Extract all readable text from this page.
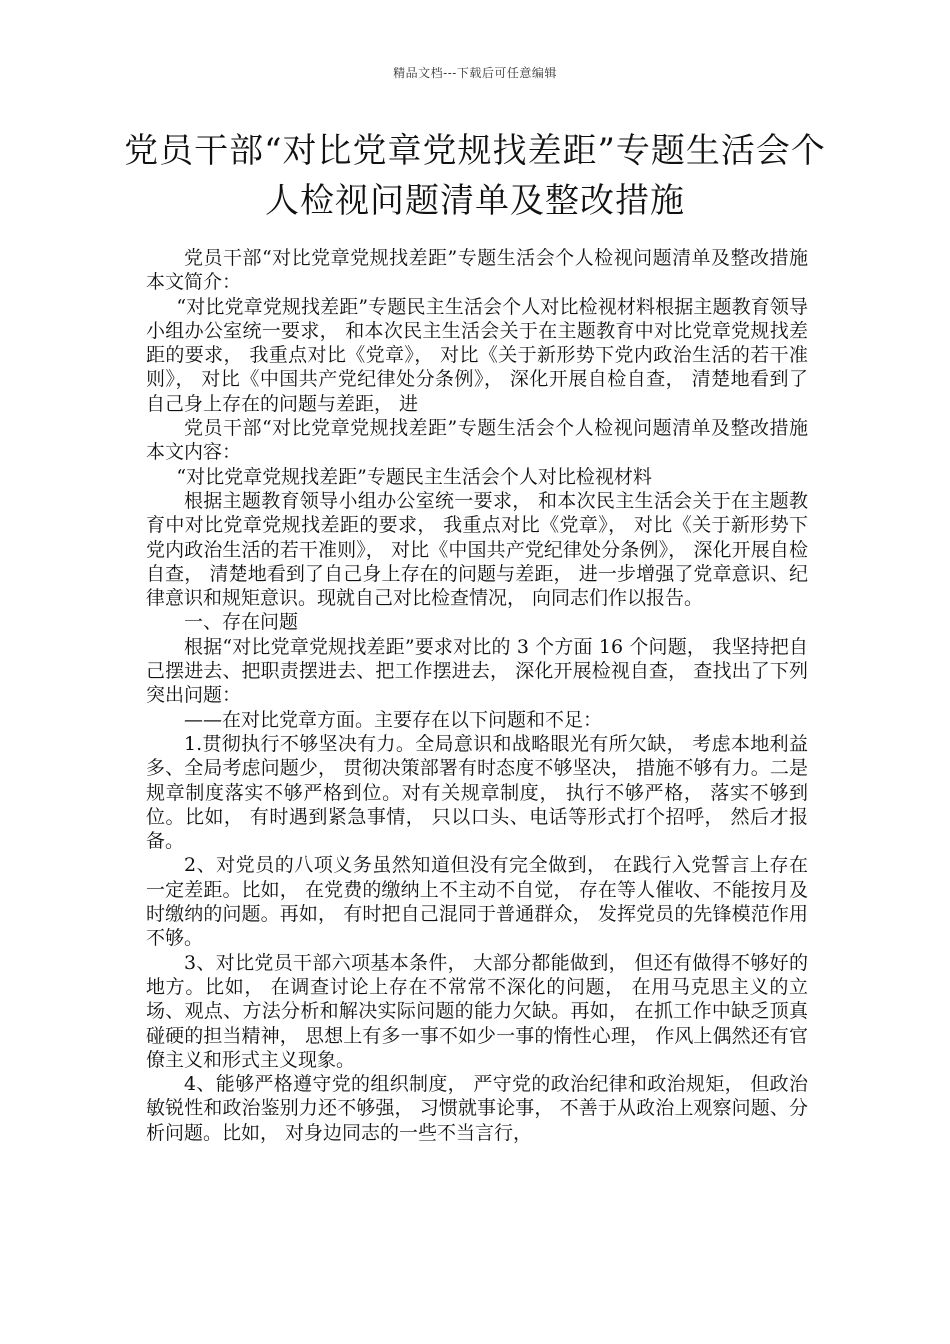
精品文档---下载后可任意编辑
党员干部“对比党章党规找差距”专题生活会个人检视问题清单及整改措施

党员干部“对比党章党规找差距”专题生活会个人检视问题清单及整改措施  本文简介：

“对比党章党规找差距”专题民主生活会个人对比检视材料根据主题教育领导小组办公室统一要求， 和本次民主生活会关于在主题教育中对比党章党规找差距的要求， 我重点对比《党章》， 对比《关于新形势下党内政治生活的若干准则》， 对比《中国共产党纪律处分条例》， 深化开展自检自查， 清楚地看到了自己身上存在的问题与差距， 进

党员干部“对比党章党规找差距”专题生活会个人检视问题清单及整改措施  本文内容：

“对比党章党规找差距”专题民主生活会个人对比检视材料

根据主题教育领导小组办公室统一要求， 和本次民主生活会关于在主题教育中对比党章党规找差距的要求， 我重点对比《党章》， 对比《关于新形势下党内政治生活的若干准则》， 对比《中国共产党纪律处分条例》， 深化开展自检自查， 清楚地看到了自己身上存在的问题与差距， 进一步增强了党章意识、纪律意识和规矩意识。现就自己对比检查情况， 向同志们作以报告。

一、存在问题

根据“对比党章党规找差距”要求对比的 3 个方面 16 个问题， 我坚持把自己摆进去、把职责摆进去、把工作摆进去， 深化开展检视自查， 查找出了下列突出问题：

——在对比党章方面。主要存在以下问题和不足：

1.贯彻执行不够坚决有力。全局意识和战略眼光有所欠缺， 考虑本地利益多、全局考虑问题少， 贯彻决策部署有时态度不够坚决， 措施不够有力。二是规章制度落实不够严格到位。对有关规章制度， 执行不够严格， 落实不够到位。比如， 有时遇到紧急事情， 只以口头、电话等形式打个招呼， 然后才报备。

2、对党员的八项义务虽然知道但没有完全做到， 在践行入党誓言上存在一定差距。比如， 在党费的缴纳上不主动不自觉， 存在等人催收、不能按月及时缴纳的问题。再如， 有时把自己混同于普通群众， 发挥党员的先锋模范作用不够。

3、对比党员干部六项基本条件， 大部分都能做到， 但还有做得不够好的地方。比如， 在调查讨论上存在不常常不深化的问题， 在用马克思主义的立场、观点、方法分析和解决实际问题的能力欠缺。再如， 在抓工作中缺乏顶真碰硬的担当精神， 思想上有多一事不如少一事的惰性心理， 作风上偶然还有官僚主义和形式主义现象。

4、能够严格遵守党的组织制度， 严守党的政治纪律和政治规矩， 但政治敏锐性和政治鉴别力还不够强， 习惯就事论事， 不善于从政治上观察问题、分析问题。比如， 对身边同志的一些不当言行，
